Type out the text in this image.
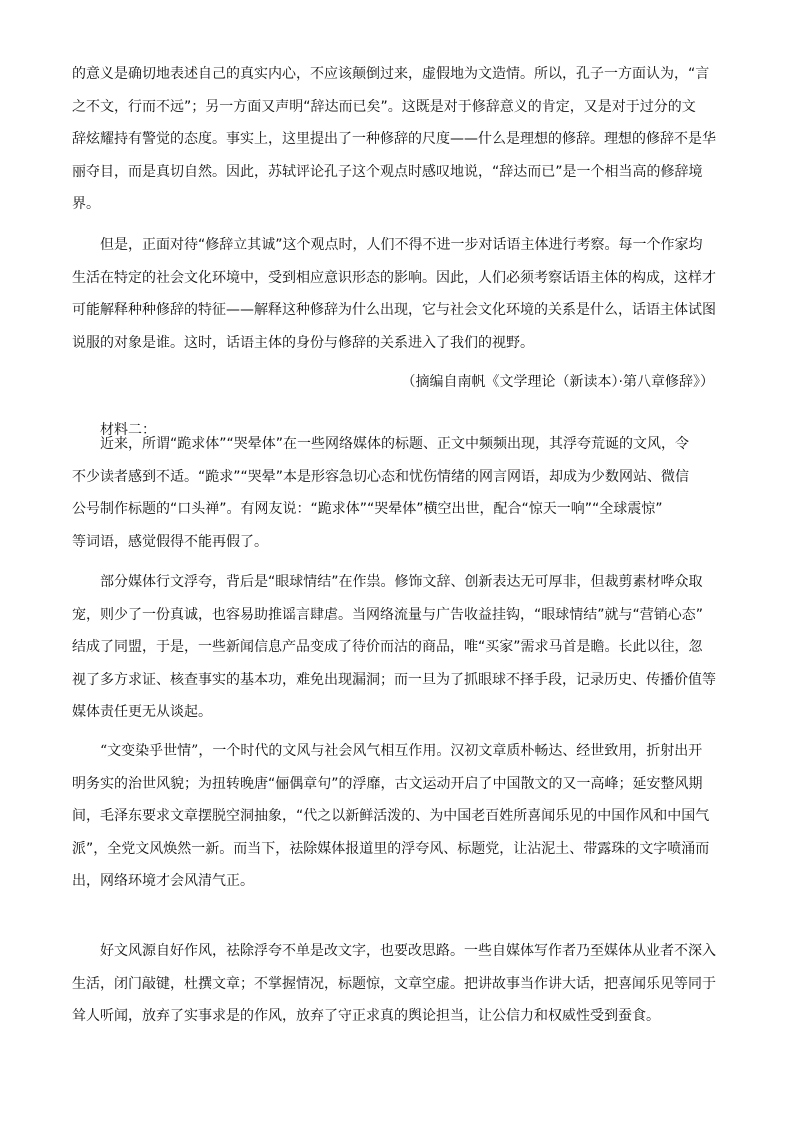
的意义是确切地表述自己的真实内心，不应该颠倒过来，虚假地为文造情。所以，孔子一方面认为，“言
之不文，行而不远”；另一方面又声明“辞达而已矣”。这既是对于修辞意义的肯定，又是对于过分的文
辞炫耀持有警觉的态度。事实上，这里提出了一种修辞的尺度——什么是理想的修辞。理想的修辞不是华
丽夺目，而是真切自然。因此，苏轼评论孔子这个观点时感叹地说，“辞达而已”是一个相当高的修辞境
界。

但是，正面对待“修辞立其诚”这个观点时，人们不得不进一步对话语主体进行考察。每一个作家均
生活在特定的社会文化环境中，受到相应意识形态的影响。因此，人们必须考察话语主体的构成，这样才
可能解释种种修辞的特征——解释这种修辞为什么出现，它与社会文化环境的关系是什么，话语主体试图
说服的对象是谁。这时，话语主体的身份与修辞的关系进入了我们的视野。

（摘编自南帆《文学理论（新读本）·第八章修辞》）
材料二：

近来，所谓“跪求体”“哭晕体”在一些网络媒体的标题、正文中频频出现，其浮夸荒诞的文风，令
不少读者感到不适。“跪求”“哭晕”本是形容急切心态和忧伤情绪的网言网语，却成为少数网站、微信
公号制作标题的“口头禅”。有网友说：“跪求体”“哭晕体”横空出世，配合“惊天一响”“全球震惊”
等词语，感觉假得不能再假了。

部分媒体行文浮夸，背后是“眼球情结”在作祟。修饰文辞、创新表达无可厚非，但裁剪素材哗众取
宠，则少了一份真诚，也容易助推谣言肆虐。当网络流量与广告收益挂钩，“眼球情结”就与“营销心态”
结成了同盟，于是，一些新闻信息产品变成了待价而沽的商品，唯“买家”需求马首是瞻。长此以往，忽
视了多方求证、核查事实的基本功，难免出现漏洞；而一旦为了抓眼球不择手段，记录历史、传播价值等
媒体责任更无从谈起。

“文变染乎世情”，一个时代的文风与社会风气相互作用。汉初文章质朴畅达、经世致用，折射出开
明务实的治世风貌；为扭转晚唐“俪偶章句”的浮靡，古文运动开启了中国散文的又一高峰；延安整风期
间，毛泽东要求文章摆脱空洞抽象，“代之以新鲜活泼的、为中国老百姓所喜闻乐见的中国作风和中国气
派”，全党文风焕然一新。而当下，祛除媒体报道里的浮夸风、标题党，让沾泥土、带露珠的文字喷涌而
出，网络环境才会风清气正。

好文风源自好作风，祛除浮夸不单是改文字，也要改思路。一些自媒体写作者乃至媒体从业者不深入
生活，闭门敲键，杜撰文章；不掌握情况，标题惊，文章空虚。把讲故事当作讲大话，把喜闻乐见等同于
耸人听闻，放弃了实事求是的作风，放弃了守正求真的舆论担当，让公信力和权威性受到蚕食。
